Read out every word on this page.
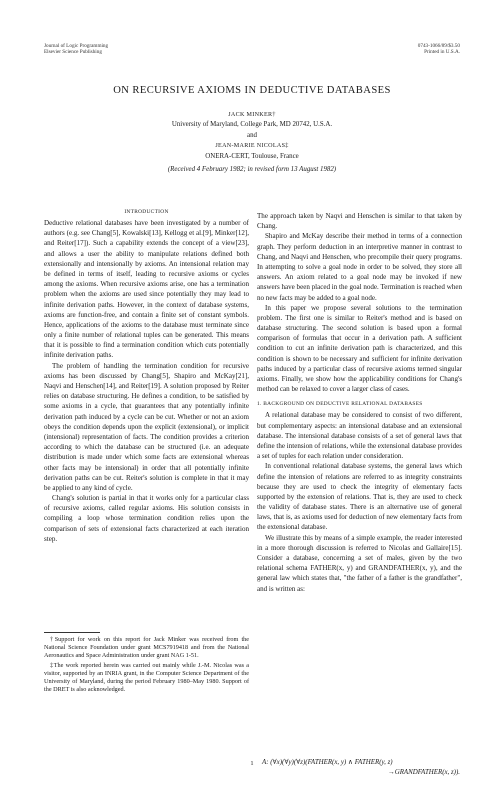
Journal of Logic Programming
Elsevier Science Publishing
0743-1066/89/$3.50
Printed in U.S.A.
ON RECURSIVE AXIOMS IN DEDUCTIVE DATABASES
JACK MINKER†
University of Maryland, College Park, MD 20742, U.S.A.
and
JEAN-MARIE NICOLAS‡
ONERA-CERT, Toulouse, France
(Received 4 February 1982; in revised form 13 August 1982)
INTRODUCTION

Deductive relational databases have been investigated by a number of authors (e.g. see Chang[5], Kowalski[13], Kellogg et al.[9], Minker[12], and Reiter[17]). Such a capability extends the concept of a view[23], and allows a user the ability to manipulate relations defined both extensionally and intensionally by axioms. An intensional relation may be defined in terms of itself, leading to recursive axioms or cycles among the axioms. When recursive axioms arise, one has a termination problem when the axioms are used since potentially they may lead to infinite derivation paths. However, in the context of database systems, axioms are function-free, and contain a finite set of constant symbols. Hence, applications of the axioms to the database must terminate since only a finite number of relational tuples can be generated. This means that it is possible to find a termination condition which cuts potentially infinite derivation paths.

The problem of handling the termination condition for recursive axioms has been discussed by Chang[5], Shapiro and McKay[21], Naqvi and Henschen[14], and Reiter[19]. A solution proposed by Reiter relies on database structuring. He defines a condition, to be satisfied by some axioms in a cycle, that guarantees that any potentially infinite derivation path induced by a cycle can be cut. Whether or not an axiom obeys the condition depends upon the explicit (extensional), or implicit (intensional) representation of facts. The condition provides a criterion according to which the database can be structured (i.e. an adequate distribution is made under which some facts are extensional whereas other facts may be intensional) in order that all potentially infinite derivation paths can be cut. Reiter's solution is complete in that it may be applied to any kind of cycle.

Chang's solution is partial in that it works only for a particular class of recursive axioms, called regular axioms. His solution consists in compiling a loop whose termination condition relies upon the comparison of sets of extensional facts characterized at each iteration step.

†Support for work on this report for Jack Minker was received from the National Science Foundation under grant MCS7919418 and from the National Aeronautics and Space Administration under grant NAG 1-51.

‡The work reported herein was carried out mainly while J.-M. Nicolas was a visitor, supported by an INRIA grant, in the Computer Science Department of the University of Maryland, during the period February 1980–May 1980. Support of the DRET is also acknowledged.

The approach taken by Naqvi and Henschen is similar to that taken by Chang.

Shapiro and McKay describe their method in terms of a connection graph. They perform deduction in an interpretive manner in contrast to Chang, and Naqvi and Henschen, who precompile their query programs. In attempting to solve a goal node in order to be solved, they store all answers. An axiom related to a goal node may be invoked if new answers have been placed in the goal node. Termination is reached when no new facts may be added to a goal node.

In this paper we propose several solutions to the termination problem. The first one is similar to Reiter's method and is based on database structuring. The second solution is based upon a formal comparison of formulas that occur in a derivation path. A sufficient condition to cut an infinite derivation path is characterized, and this condition is shown to be necessary and sufficient for infinite derivation paths induced by a particular class of recursive axioms termed singular axioms. Finally, we show how the applicability conditions for Chang's method can be relaxed to cover a larger class of cases.

1. BACKGROUND ON DEDUCTIVE RELATIONAL DATABASES

A relational database may be considered to consist of two different, but complementary aspects: an intensional database and an extensional database. The intensional database consists of a set of general laws that define the intension of relations, while the extensional database provides a set of tuples for each relation under consideration.

In conventional relational database systems, the general laws which define the intension of relations are referred to as integrity constraints because they are used to check the integrity of elementary facts supported by the extension of relations. That is, they are used to check the validity of database states. There is an alternative use of general laws, that is, as axioms used for deduction of new elementary facts from the extensional database.

We illustrate this by means of a simple example, the reader interested in a more thorough discussion is referred to Nicolas and Gallaire[15]. Consider a database, concerning a set of males, given by the two relational schema FATHER(x, y) and GRANDFATHER(x, y), and the general law which states that, "the father of a father is the grandfather", and is written as:

A: (∀x)(∀y)(∀z)(FATHER(x, y) ∧ FATHER(y, z)
→GRANDFATHER(x, z)).
1
